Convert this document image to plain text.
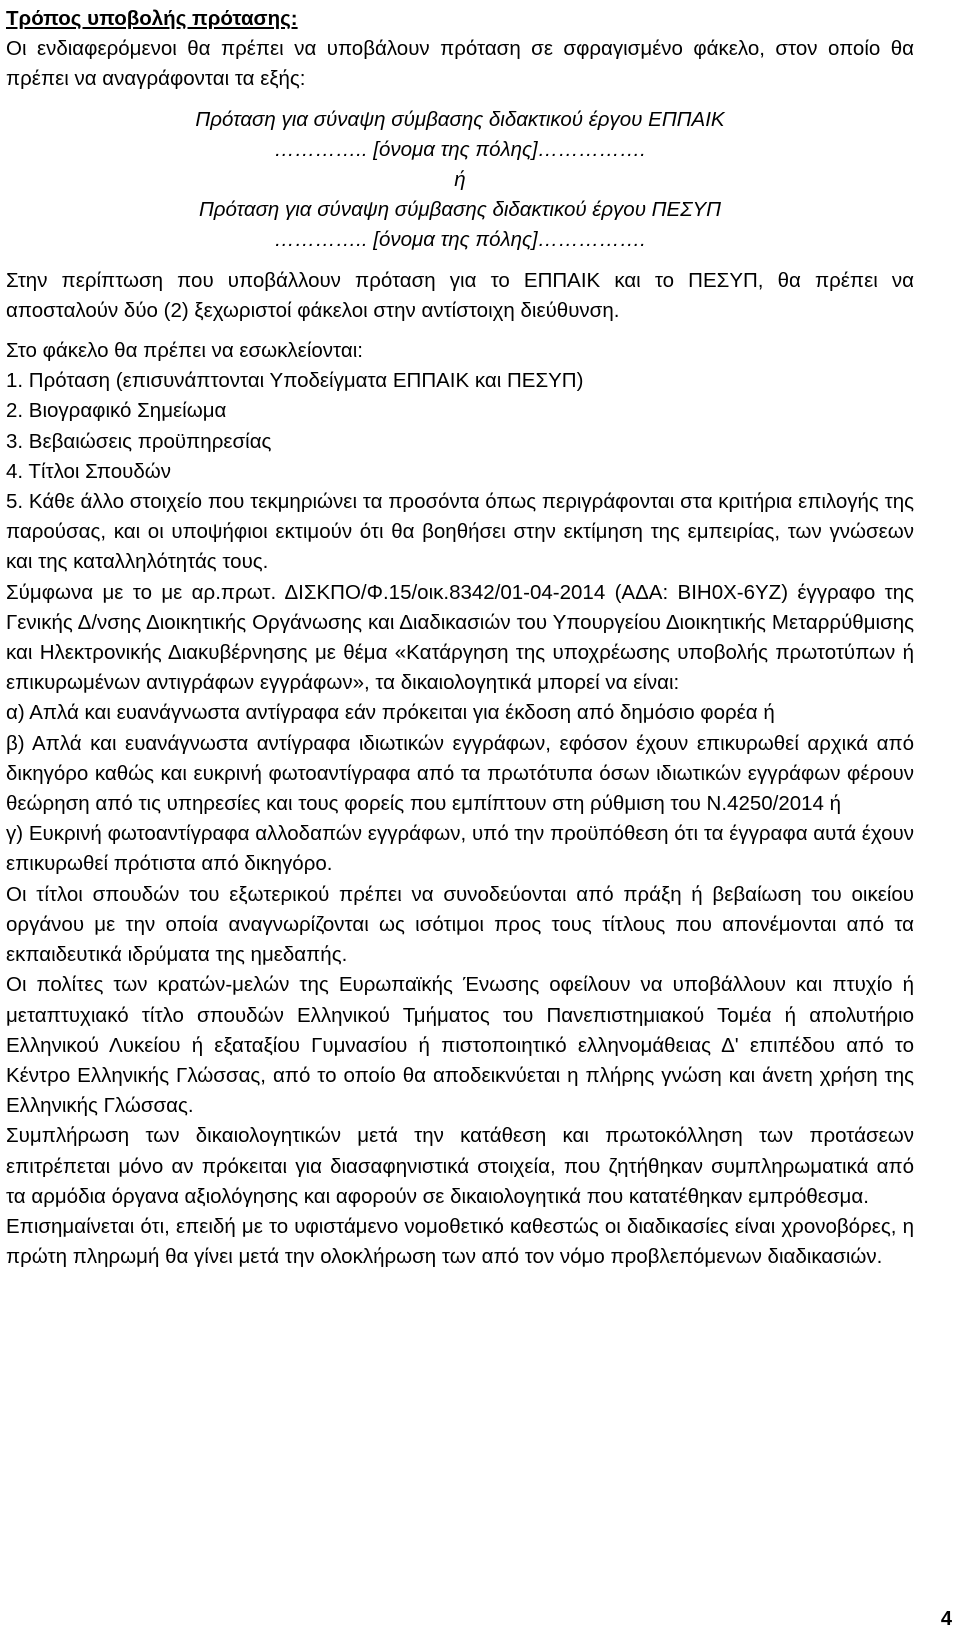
Τρόπος υποβολής πρότασης:

Οι ενδιαφερόμενοι θα πρέπει να υποβάλουν πρόταση σε σφραγισμένο φάκελο, στον οποίο θα πρέπει να αναγράφονται τα εξής:

Πρόταση για σύναψη σύμβασης διδακτικού έργου ΕΠΠΑΙΚ

………….. [όνομα της πόλης]…………….

ή

Πρόταση για σύναψη σύμβασης διδακτικού έργου ΠΕΣΥΠ

………….. [όνομα της πόλης]…………….

Στην περίπτωση που υποβάλλουν πρόταση για το ΕΠΠΑΙΚ και το ΠΕΣΥΠ, θα πρέπει να αποσταλούν δύο (2) ξεχωριστοί φάκελοι στην αντίστοιχη διεύθυνση.

Στο φάκελο θα πρέπει να εσωκλείονται:

1. Πρόταση (επισυνάπτονται Υποδείγματα ΕΠΠΑΙΚ και ΠΕΣΥΠ)

2. Βιογραφικό Σημείωμα

3. Βεβαιώσεις προϋπηρεσίας

4. Τίτλοι Σπουδών

5. Κάθε άλλο στοιχείο που τεκμηριώνει τα προσόντα όπως περιγράφονται στα κριτήρια επιλογής της παρούσας, και οι υποψήφιοι εκτιμούν ότι θα βοηθήσει στην εκτίμηση της εμπειρίας, των γνώσεων και της καταλληλότητάς τους.

Σύμφωνα με το με αρ.πρωτ. ΔΙΣΚΠΟ/Φ.15/οικ.8342/01-04-2014 (ΑΔΑ: ΒΙΗ0Χ-6ΥΖ) έγγραφο της Γενικής Δ/νσης Διοικητικής Οργάνωσης και Διαδικασιών του Υπουργείου Διοικητικής Μεταρρύθμισης και Ηλεκτρονικής Διακυβέρνησης με θέμα «Κατάργηση της υποχρέωσης υποβολής πρωτοτύπων ή επικυρωμένων αντιγράφων εγγράφων», τα δικαιολογητικά μπορεί να είναι:

α) Απλά και ευανάγνωστα αντίγραφα εάν πρόκειται για έκδοση από δημόσιο φορέα ή

β) Απλά και ευανάγνωστα αντίγραφα ιδιωτικών εγγράφων, εφόσον έχουν επικυρωθεί αρχικά από δικηγόρο καθώς και ευκρινή φωτοαντίγραφα από τα πρωτότυπα όσων ιδιωτικών εγγράφων φέρουν θεώρηση από τις υπηρεσίες και τους φορείς που εμπίπτουν στη ρύθμιση του Ν.4250/2014 ή

γ) Ευκρινή φωτοαντίγραφα αλλοδαπών εγγράφων, υπό την προϋπόθεση ότι τα έγγραφα αυτά έχουν επικυρωθεί πρότιστα από δικηγόρο.

Οι τίτλοι σπουδών του εξωτερικού πρέπει να συνοδεύονται από πράξη ή βεβαίωση του οικείου οργάνου με την οποία αναγνωρίζονται ως ισότιμοι προς τους τίτλους που απονέμονται από τα εκπαιδευτικά ιδρύματα της ημεδαπής.

Οι πολίτες των κρατών-μελών της Ευρωπαϊκής Ένωσης οφείλουν να υποβάλλουν και πτυχίο ή μεταπτυχιακό τίτλο σπουδών Ελληνικού Τμήματος του Πανεπιστημιακού Τομέα ή απολυτήριο Ελληνικού Λυκείου ή εξαταξίου Γυμνασίου ή πιστοποιητικό ελληνομάθειας Δ' επιπέδου από το Κέντρο Ελληνικής Γλώσσας, από το οποίο θα αποδεικνύεται η πλήρης γνώση και άνετη χρήση της Ελληνικής Γλώσσας.

Συμπλήρωση των δικαιολογητικών μετά την κατάθεση και πρωτοκόλληση των προτάσεων επιτρέπεται μόνο αν πρόκειται για διασαφηνιστικά στοιχεία, που ζητήθηκαν συμπληρωματικά από τα αρμόδια όργανα αξιολόγησης και αφορούν σε δικαιολογητικά που κατατέθηκαν εμπρόθεσμα.

Επισημαίνεται ότι, επειδή με το υφιστάμενο νομοθετικό καθεστώς οι διαδικασίες είναι χρονοβόρες, η πρώτη πληρωμή θα γίνει μετά την ολοκλήρωση των από τον νόμο προβλεπόμενων διαδικασιών.

4
